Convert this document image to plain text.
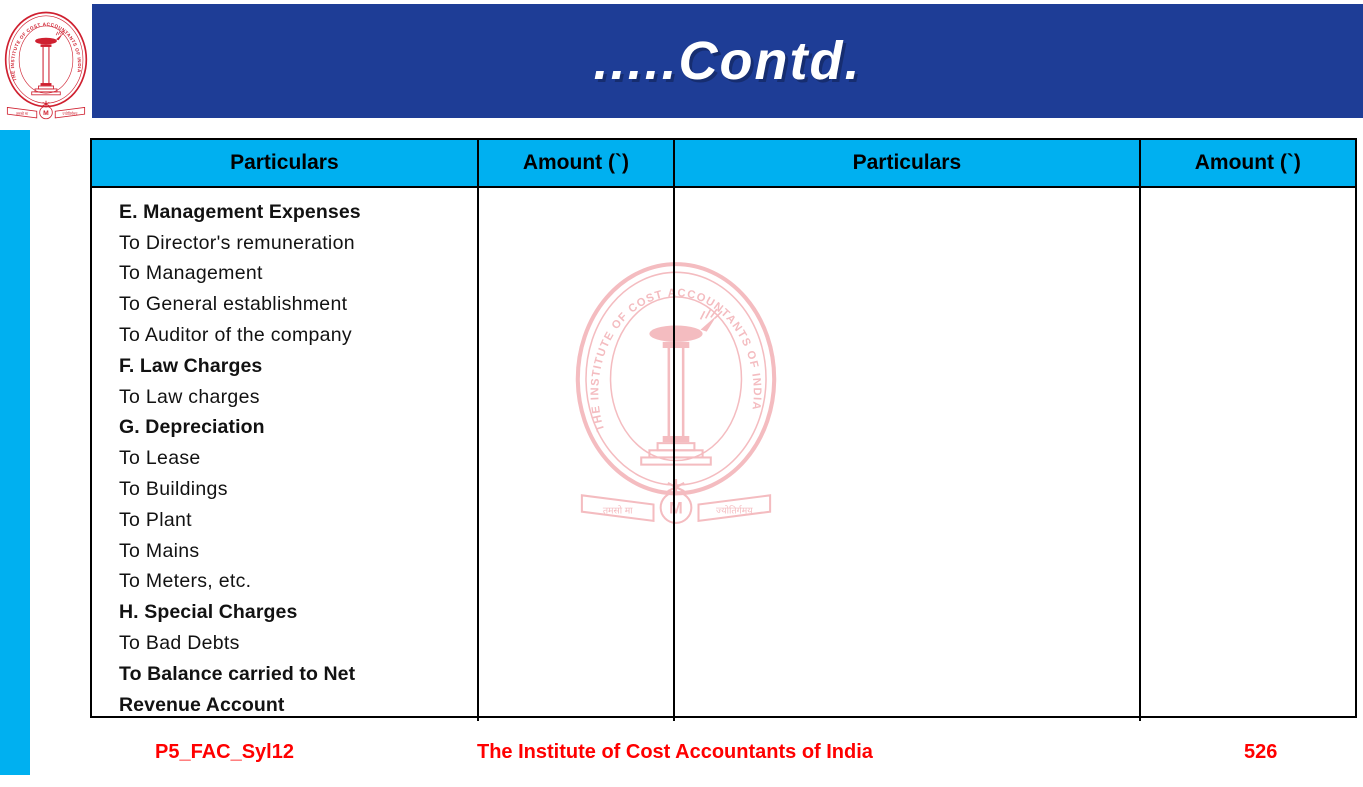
.....Contd.
Particulars	Amount (`)	Particulars	Amount (`)
E. Management Expenses
To Director's remuneration
To Management
To General establishment
To Auditor of the company
F. Law Charges
To Law charges
G. Depreciation
To Lease
To Buildings
To Plant
To Mains
To Meters, etc.
H. Special Charges
To Bad Debts
To Balance carried to Net
Revenue Account
P5_FAC_Syl12	The Institute of Cost Accountants of India	526
